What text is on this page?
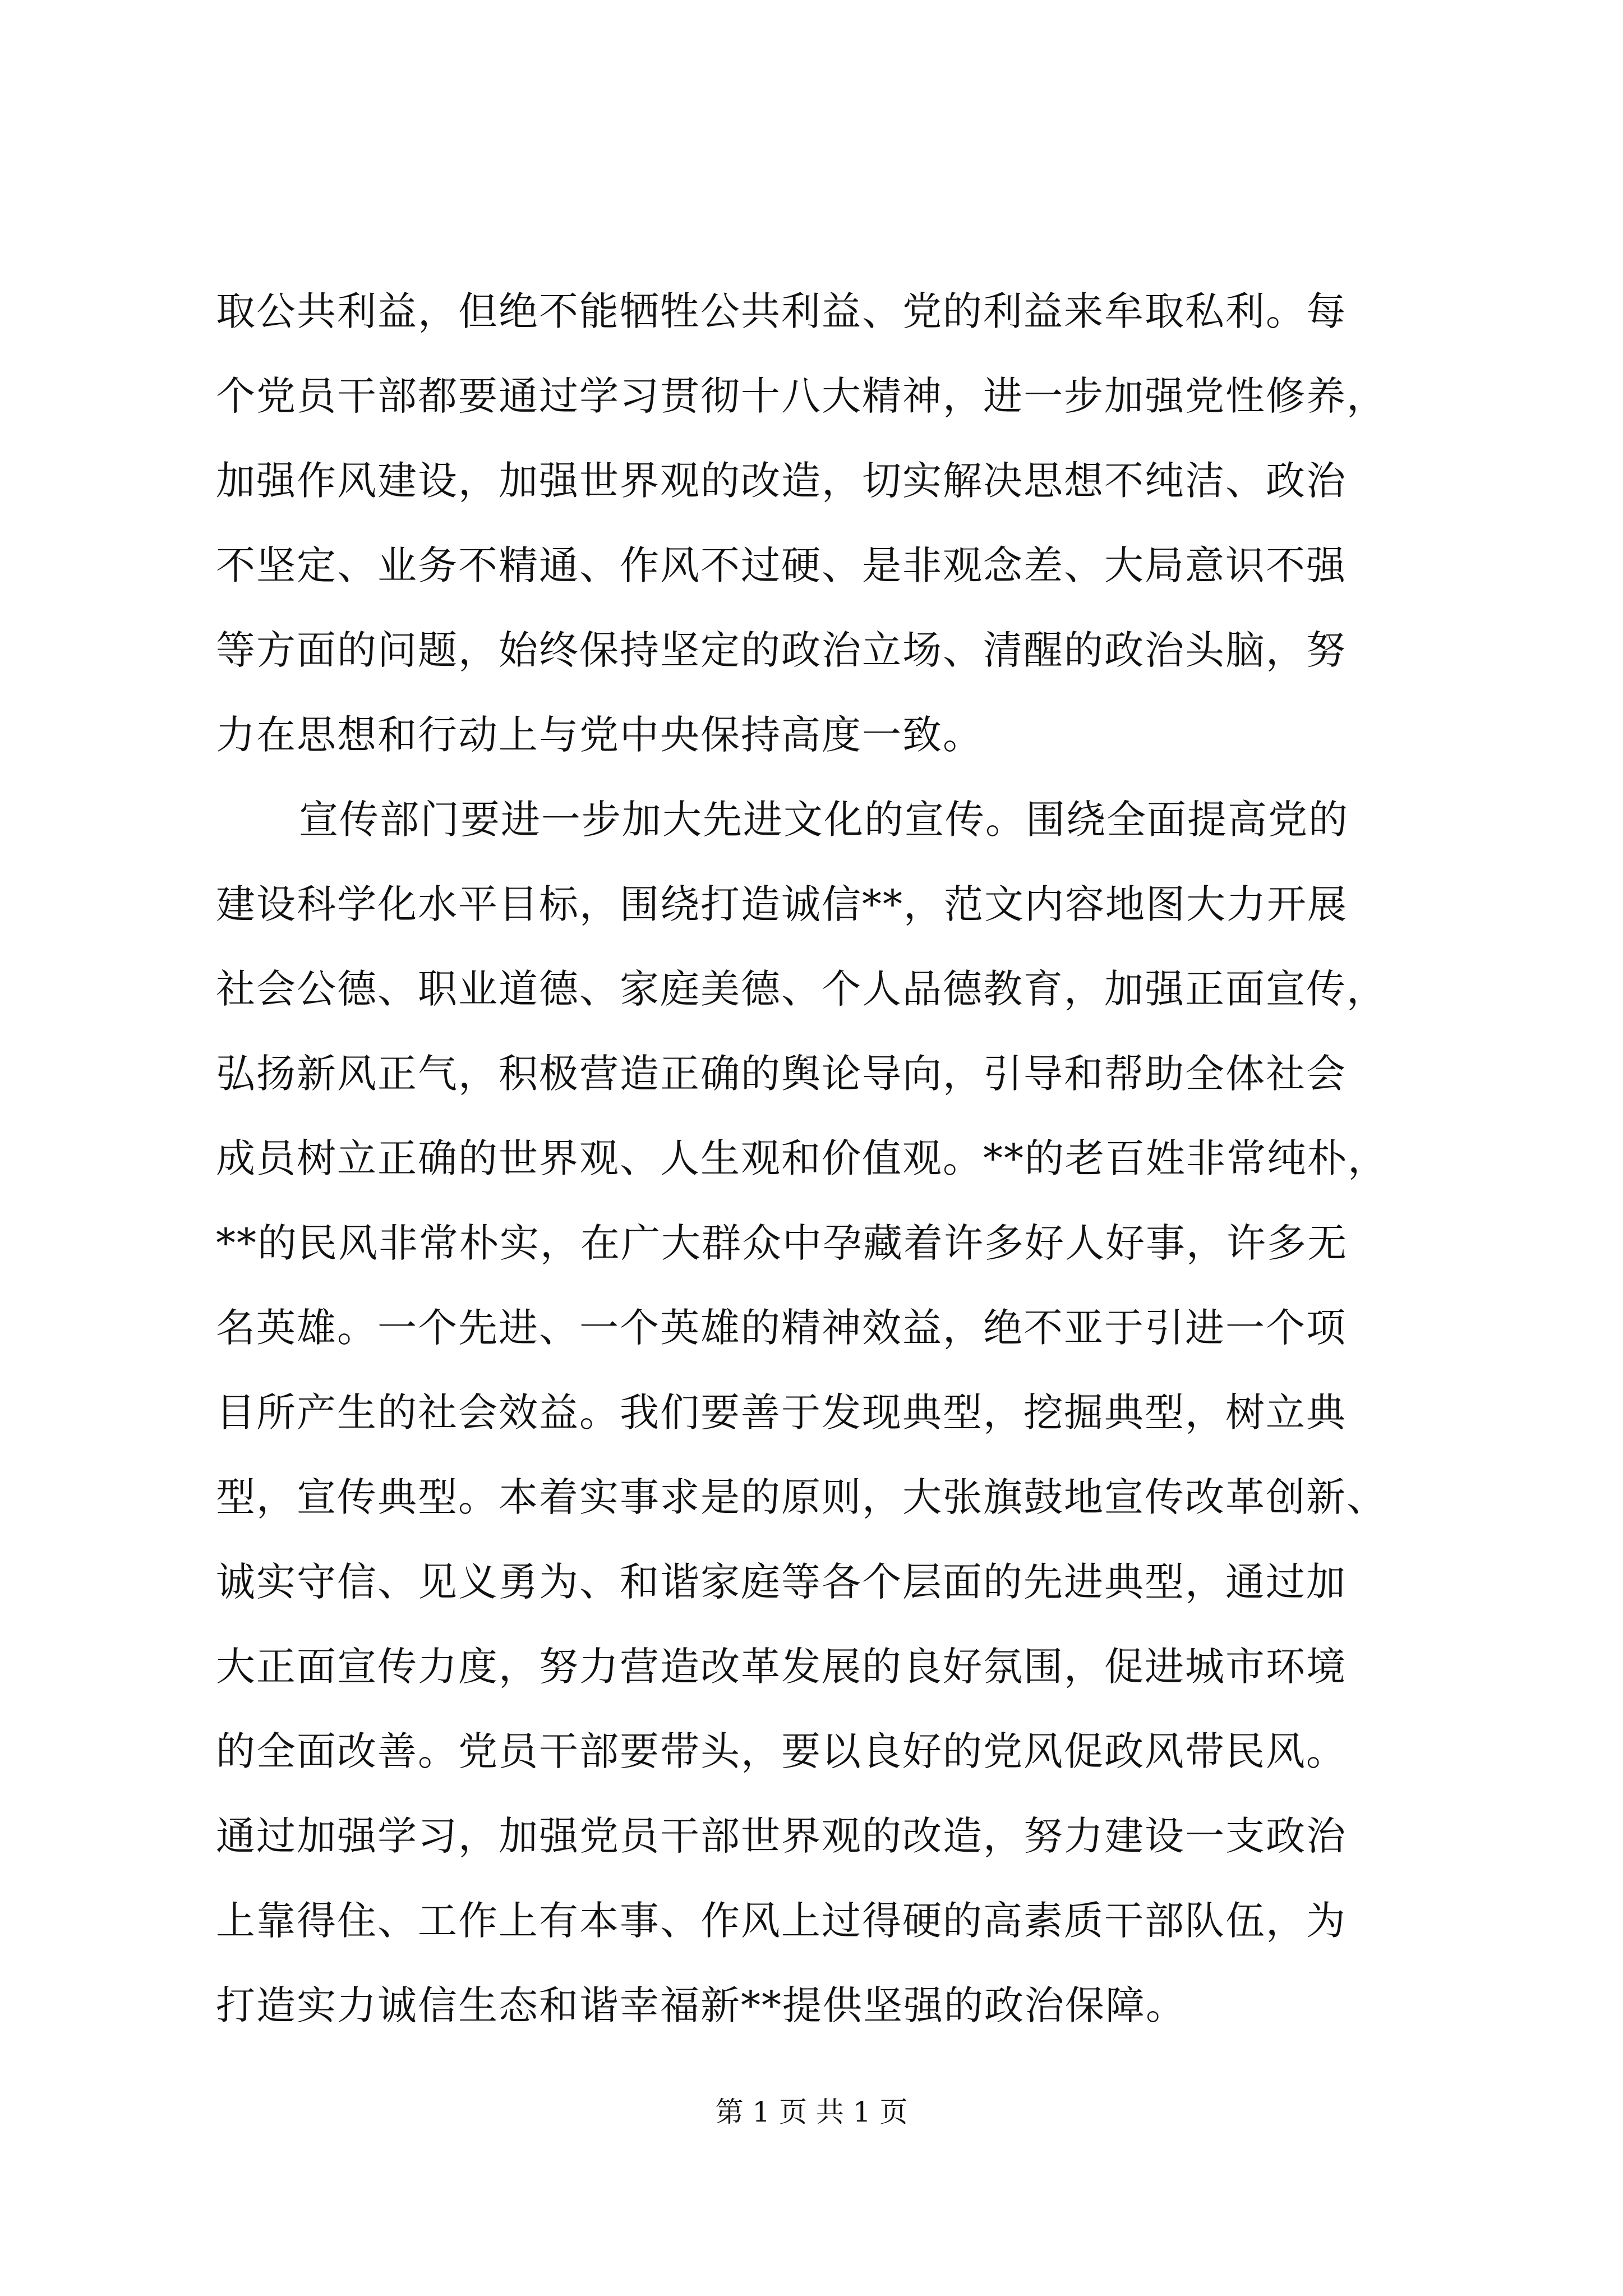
取公共利益，但绝不能牺牲公共利益、党的利益来牟取私利。每
个党员干部都要通过学习贯彻十八大精神，进一步加强党性修养，
加强作风建设，加强世界观的改造，切实解决思想不纯洁、政治
不坚定、业务不精通、作风不过硬、是非观念差、大局意识不强
等方面的问题，始终保持坚定的政治立场、清醒的政治头脑，努
力在思想和行动上与党中央保持高度一致。
宣传部门要进一步加大先进文化的宣传。围绕全面提高党的
建设科学化水平目标，围绕打造诚信**，范文内容地图大力开展
社会公德、职业道德、家庭美德、个人品德教育，加强正面宣传，
弘扬新风正气，积极营造正确的舆论导向，引导和帮助全体社会
成员树立正确的世界观、人生观和价值观。**的老百姓非常纯朴，
**的民风非常朴实，在广大群众中孕藏着许多好人好事，许多无
名英雄。一个先进、一个英雄的精神效益，绝不亚于引进一个项
目所产生的社会效益。我们要善于发现典型，挖掘典型，树立典
型，宣传典型。本着实事求是的原则，大张旗鼓地宣传改革创新、
诚实守信、见义勇为、和谐家庭等各个层面的先进典型，通过加
大正面宣传力度，努力营造改革发展的良好氛围，促进城市环境
的全面改善。党员干部要带头，要以良好的党风促政风带民风。
通过加强学习，加强党员干部世界观的改造，努力建设一支政治
上靠得住、工作上有本事、作风上过得硬的高素质干部队伍，为
打造实力诚信生态和谐幸福新**提供坚强的政治保障。
第 1 页 共 1 页
